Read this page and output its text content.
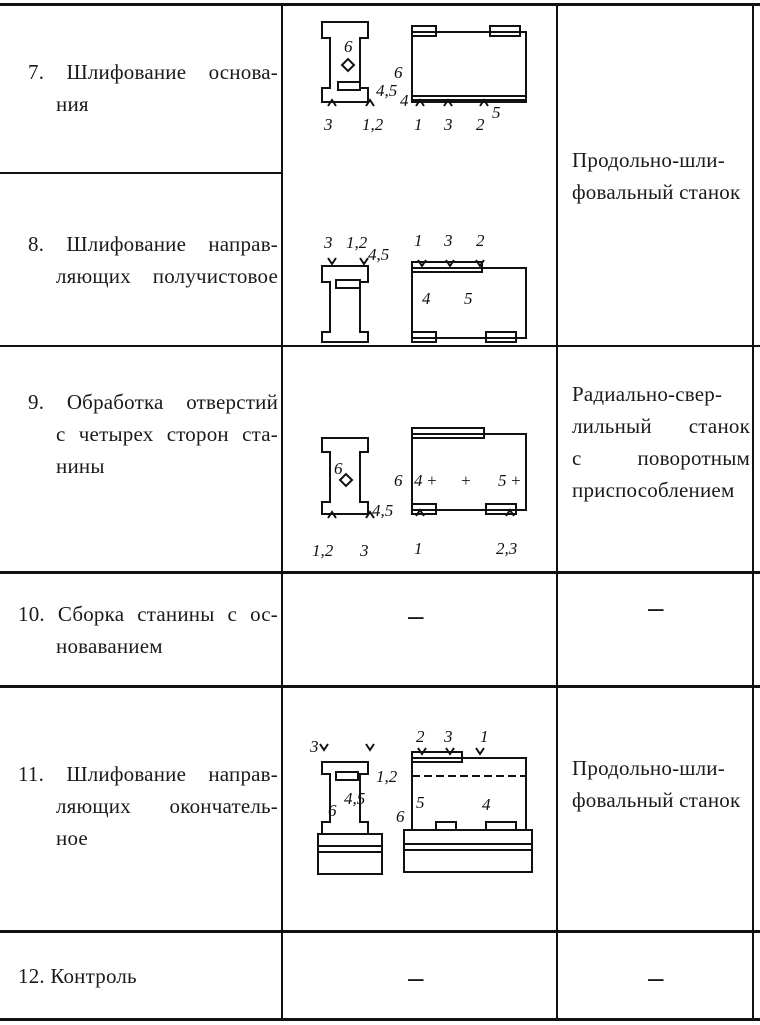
7. Шлифование основа-
ния
8. Шлифование направ-
ляющих получистовое
9. Обработка отверстий
с четырех сторон ста-
нины
10. Сборка станины с ос-
новаванием
11. Шлифование направ-
ляющих окончатель-
ное
12. Контроль
Продольно-шли-
фовальный станок
Радиально-свер-
лильный станок
с поворотным
приспособлением
–
Продольно-шли-
фовальный станок
–
–
–
6
3 1,2
4,5
6
4
1 3 2
5
3 1,2
4,5
1 3 2
4 5
6
1,2 3
4,5
6 4 + + 5 +
1	2,3
3
1,2
6
4,5
2 3 1
6
5	4
